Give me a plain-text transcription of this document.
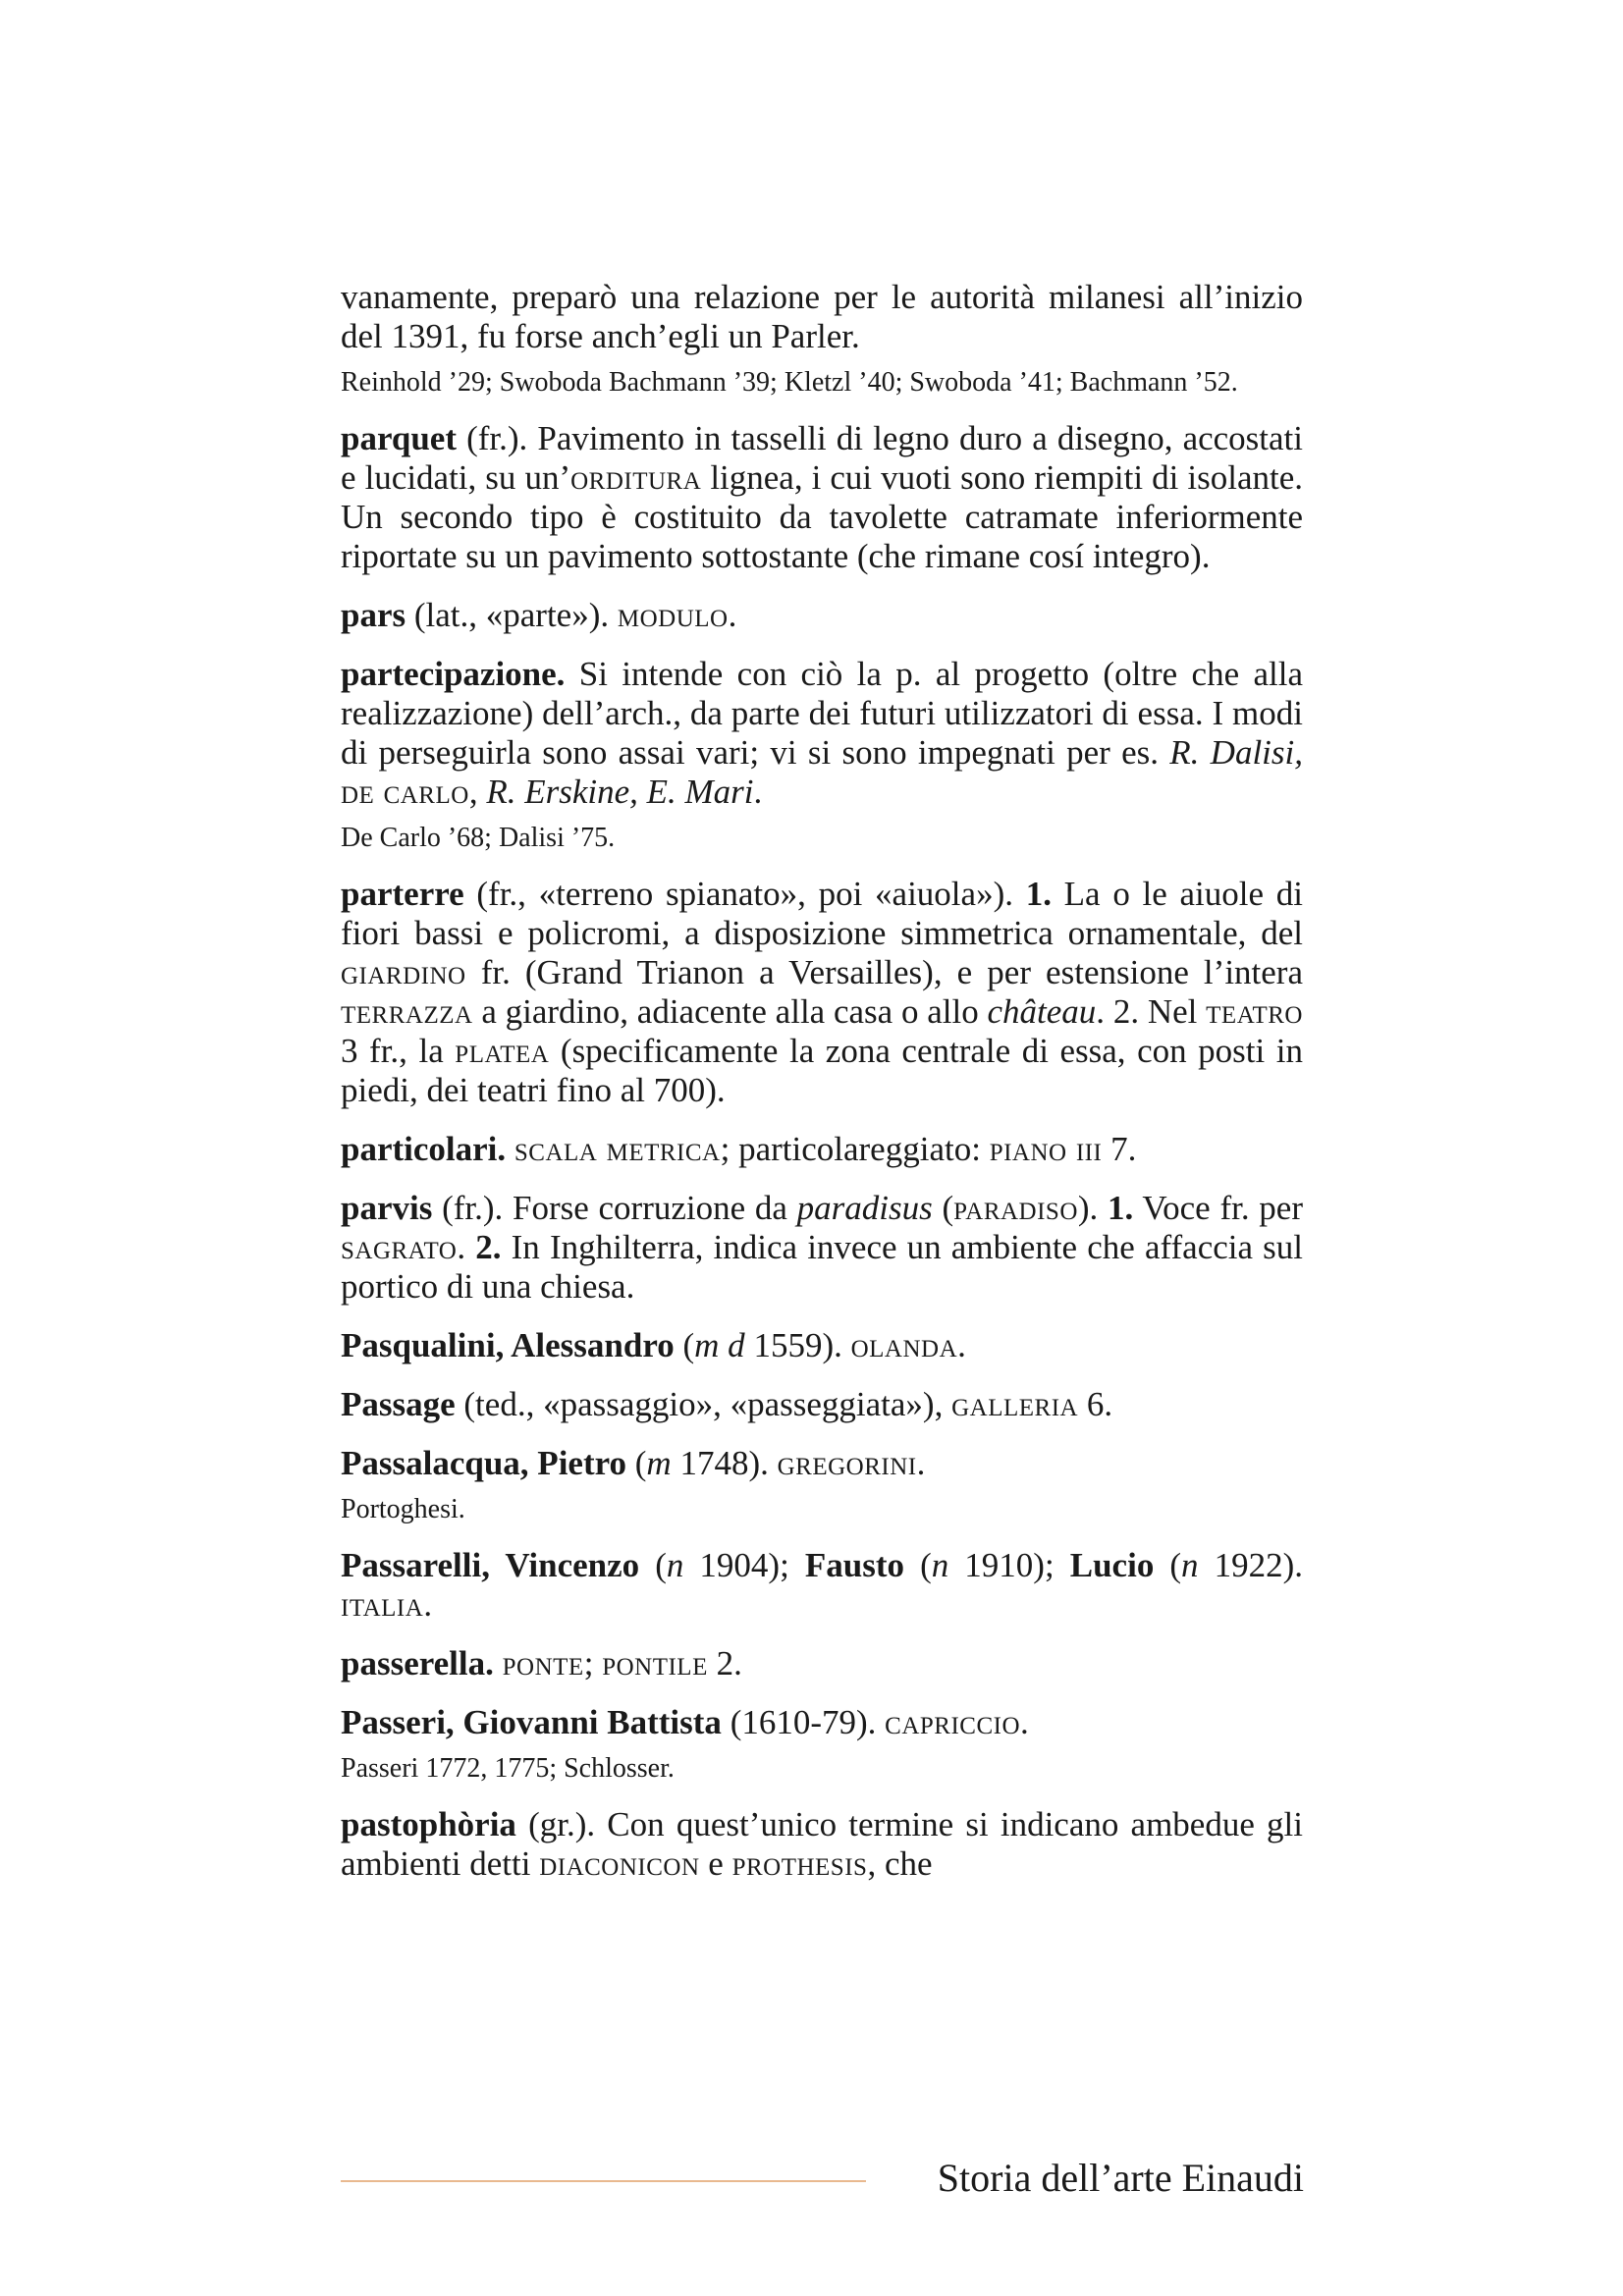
vanamente, preparò una relazione per le autorità milanesi all’inizio del 1391, fu forse anch’egli un Parler.

Reinhold ’29; Swoboda Bachmann ’39; Kletzl ’40; Swoboda ’41; Bachmann ’52.

parquet (fr.). Pavimento in tasselli di legno duro a disegno, accostati e lucidati, su un’orditura lignea, i cui vuoti sono riempiti di isolante. Un secondo tipo è costituito da tavolette catramate inferiormente riportate su un pavimento sottostante (che rimane cosí integro).

pars (lat., «parte»). modulo.

partecipazione. Si intende con ciò la p. al progetto (oltre che alla realizzazione) dell’arch., da parte dei futuri utilizzatori di essa. I modi di perseguirla sono assai vari; vi si sono impegnati per es. R. Dalisi, de carlo, R. Erskine, E. Mari.

De Carlo ’68; Dalisi ’75.

parterre (fr., «terreno spianato», poi «aiuola»). 1. La o le aiuole di fiori bassi e policromi, a disposizione simmetrica ornamentale, del giardino fr. (Grand Trianon a Versailles), e per estensione l’intera terrazza a giardino, adiacente alla casa o allo château. 2. Nel teatro 3 fr., la platea (specificamente la zona centrale di essa, con posti in piedi, dei teatri fino al 700).

particolari. scala metrica; particolareggiato: piano iii 7.

parvis (fr.). Forse corruzione da paradisus (paradiso). 1. Voce fr. per sagrato. 2. In Inghilterra, indica invece un ambiente che affaccia sul portico di una chiesa.

Pasqualini, Alessandro (m d 1559). olanda.

Passage (ted., «passaggio», «passeggiata»), galleria 6.

Passalacqua, Pietro (m 1748). gregorini.

Portoghesi.

Passarelli, Vincenzo (n 1904); Fausto (n 1910); Lucio (n 1922). italia.

passerella. ponte; pontile 2.

Passeri, Giovanni Battista (1610-79). capriccio.

Passeri 1772, 1775; Schlosser.

pastophòria (gr.). Con quest’unico termine si indicano ambedue gli ambienti detti diaconicon e prothesis, che

Storia dell’arte Einaudi
